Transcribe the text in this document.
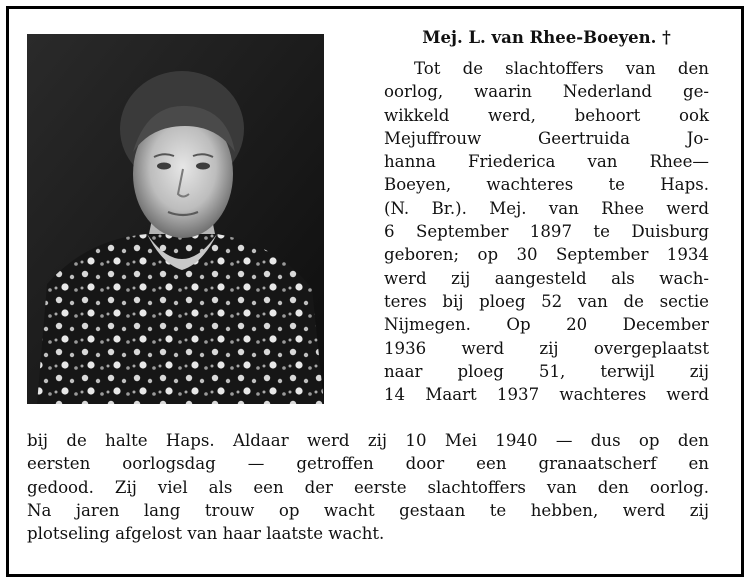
Mej. L. van Rhee-Boeyen. †
Tot de slachtoffers van den
oorlog, waarin Nederland ge-
wikkeld werd, behoort ook
Mejuffrouw Geertruida Jo-
hanna Friederica van Rhee—
Boeyen, wachteres te Haps.
(N. Br.). Mej. van Rhee werd
6 September 1897 te Duisburg
geboren; op 30 September 1934
werd zij aangesteld als wach-
teres bij ploeg 52 van de sectie
Nijmegen. Op 20 December
1936 werd zij overgeplaatst
naar ploeg 51, terwijl zij
14 Maart 1937 wachteres werd
bij de halte Haps. Aldaar werd zij 10 Mei 1940 — dus op den
eersten oorlogsdag — getroffen door een granaatscherf en
gedood. Zij viel als een der eerste slachtoffers van den oorlog.
Na jaren lang trouw op wacht gestaan te hebben, werd zij
plotseling afgelost van haar laatste wacht.
